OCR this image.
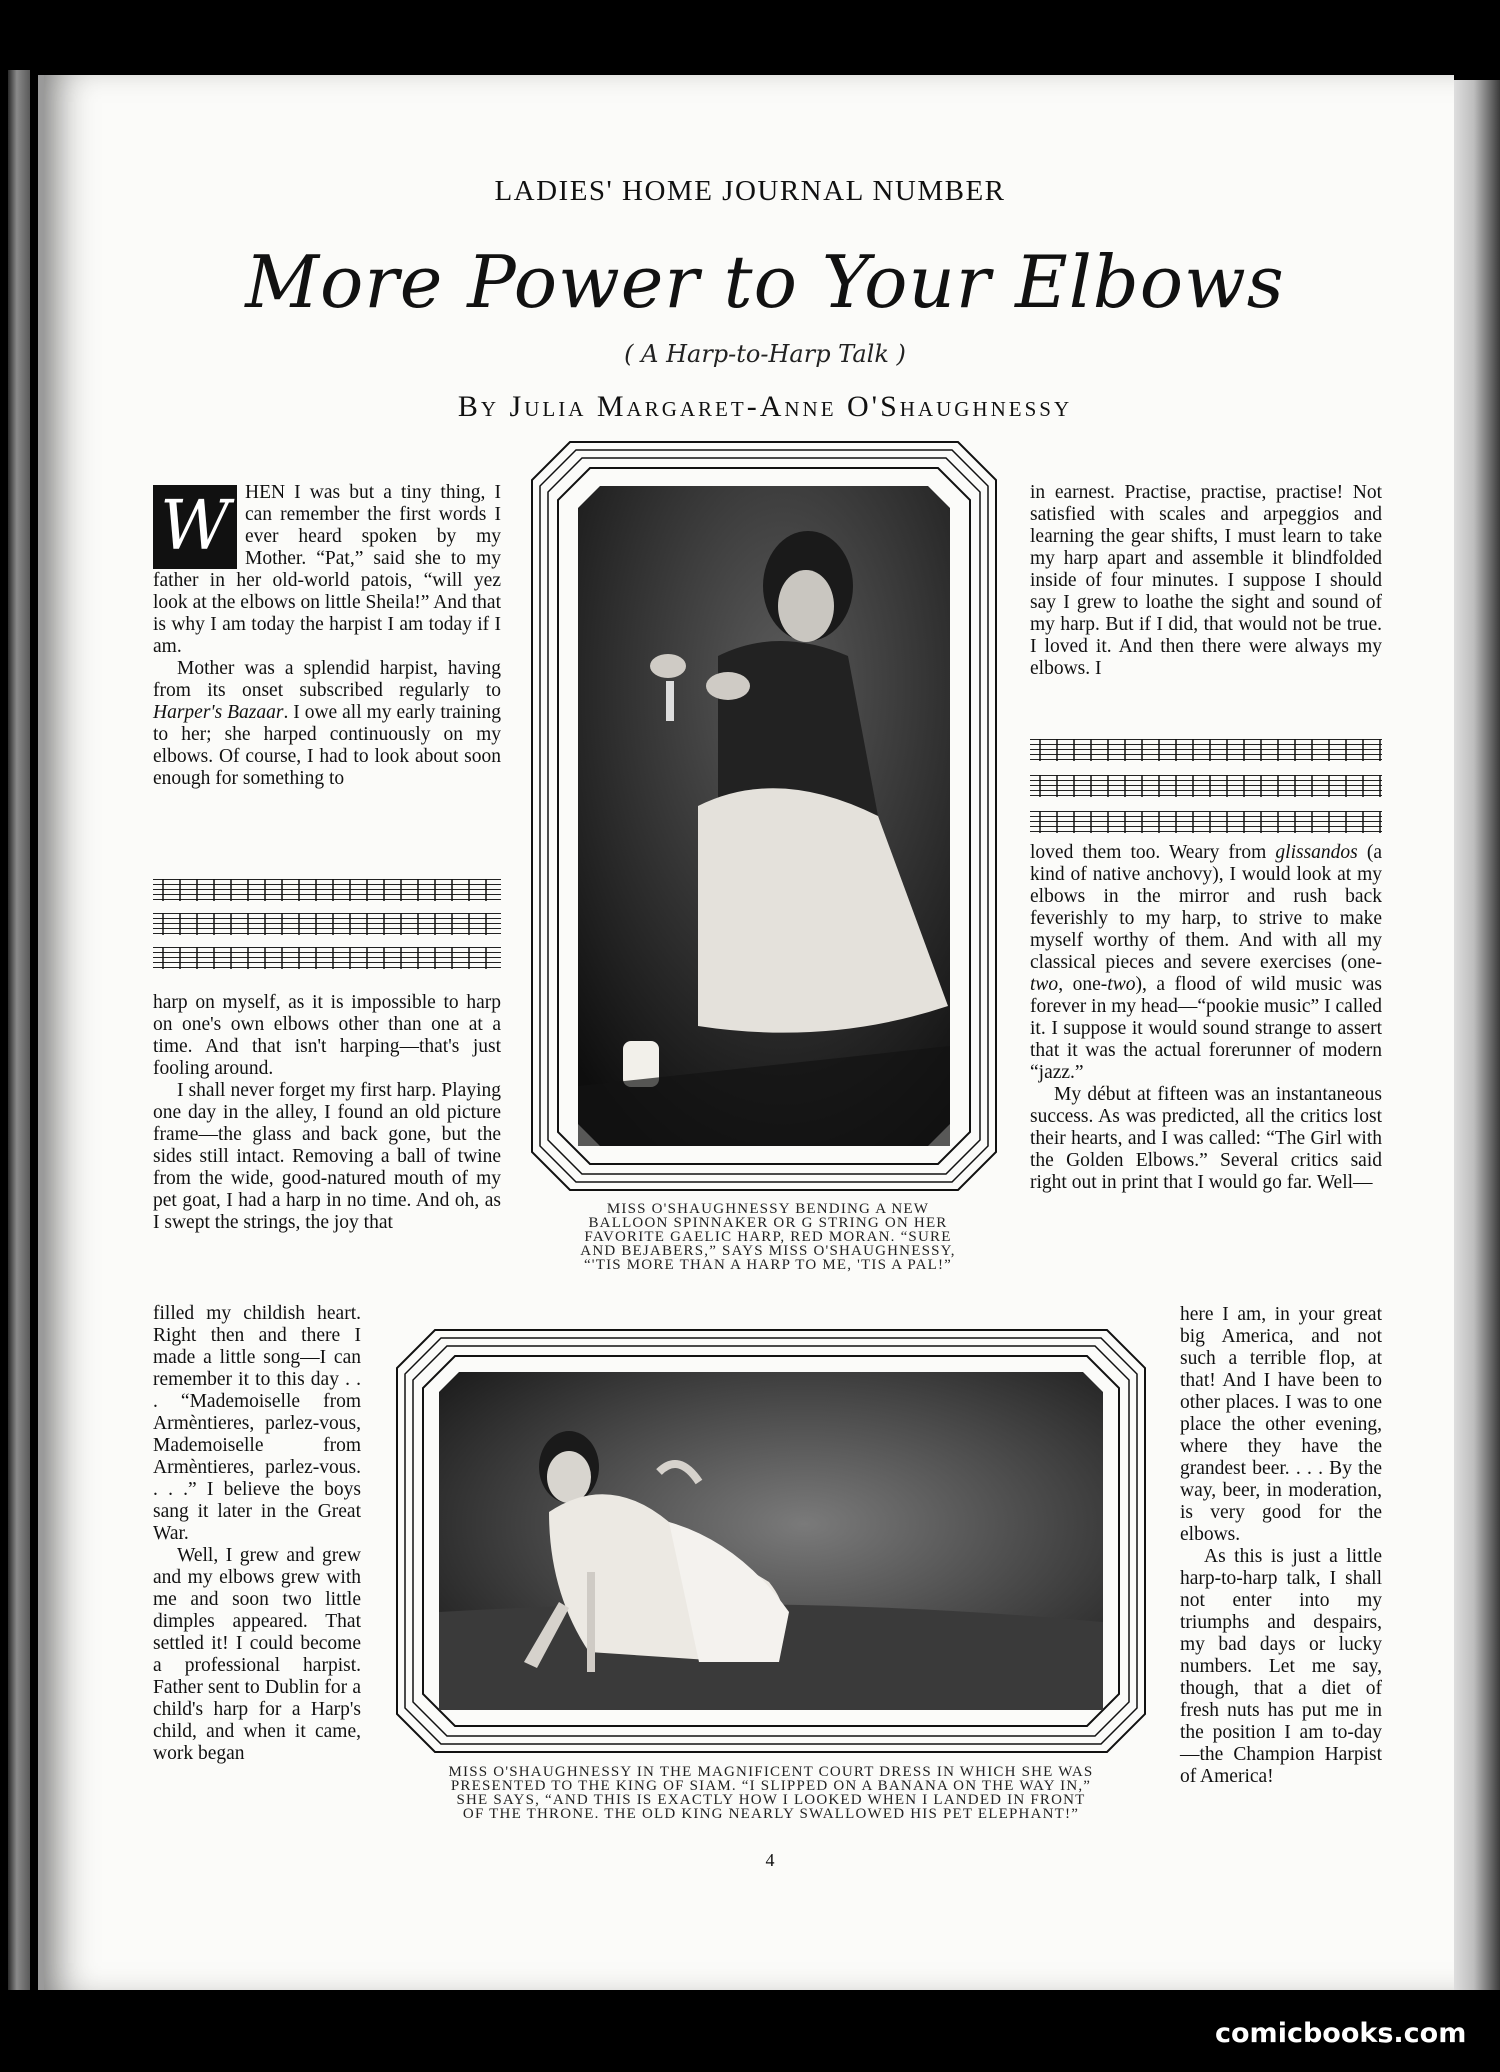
LADIES' HOME JOURNAL NUMBER
More Power to Your Elbows
( A Harp-to-Harp Talk )
By Julia Margaret-Anne O'Shaughnessy
W HEN I was but a tiny thing, I can remember the first words I ever heard spoken by my Mother. “Pat,” said she to my father in her old-world patois, “will yez look at the elbows on little Sheila!” And that is why I am today the harpist I am today if I am.

Mother was a splendid harpist, having from its onset subscribed regularly to Harper's Bazaar. I owe all my early training to her; she harped continuously on my elbows. Of course, I had to look about soon enough for something to

harp on myself, as it is impossible to harp on one's own elbows other than one at a time. And that isn't harping—that's just fooling around.

I shall never forget my first harp. Playing one day in the alley, I found an old picture frame—the glass and back gone, but the sides still intact. Removing a ball of twine from the wide, good-natured mouth of my pet goat, I had a harp in no time. And oh, as I swept the strings, the joy that

filled my childish heart. Right then and there I made a little song—I can remember it to this day . . . “Mademoiselle from Armèntieres, parlez-vous, Mademoiselle from Armèntieres, parlez-vous. . . .” I believe the boys sang it later in the Great War.

Well, I grew and grew and my elbows grew with me and soon two little dimples appeared. That settled it! I could become a professional harpist. Father sent to Dublin for a child's harp for a Harp's child, and when it came, work began

MISS O'SHAUGHNESSY BENDING A NEW BALLOON SPINNAKER OR G STRING ON HER FAVORITE GAELIC HARP, RED MORAN. “SURE AND BEJABERS,” SAYS MISS O'SHAUGHNESSY, “'TIS MORE THAN A HARP TO ME, 'TIS A PAL!”

in earnest. Practise, practise, practise! Not satisfied with scales and arpeggios and learning the gear shifts, I must learn to take my harp apart and assemble it blindfolded inside of four minutes. I suppose I should say I grew to loathe the sight and sound of my harp. But if I did, that would not be true. I loved it. And then there were always my elbows. I

loved them too. Weary from glissandos (a kind of native anchovy), I would look at my elbows in the mirror and rush back feverishly to my harp, to strive to make myself worthy of them. And with all my classical pieces and severe exercises (one-two, one-two), a flood of wild music was forever in my head—“pookie music” I called it. I suppose it would sound strange to assert that it was the actual forerunner of modern “jazz.”

My début at fifteen was an instantaneous success. As was predicted, all the critics lost their hearts, and I was called: “The Girl with the Golden Elbows.” Several critics said right out in print that I would go far. Well—

here I am, in your great big America, and not such a terrible flop, at that! And I have been to other places. I was to one place the other evening, where they have the grandest beer. . . . By the way, beer, in moderation, is very good for the elbows.

As this is just a little harp-to-harp talk, I shall not enter into my triumphs and despairs, my bad days or lucky numbers. Let me say, though, that a diet of fresh nuts has put me in the position I am to-day—the Champion Harpist of America!

MISS O'SHAUGHNESSY IN THE MAGNIFICENT COURT DRESS IN WHICH SHE WAS PRESENTED TO THE KING OF SIAM. “I SLIPPED ON A BANANA ON THE WAY IN,” SHE SAYS, “AND THIS IS EXACTLY HOW I LOOKED WHEN I LANDED IN FRONT OF THE THRONE. THE OLD KING NEARLY SWALLOWED HIS PET ELEPHANT!”
4
comicbooks.com
